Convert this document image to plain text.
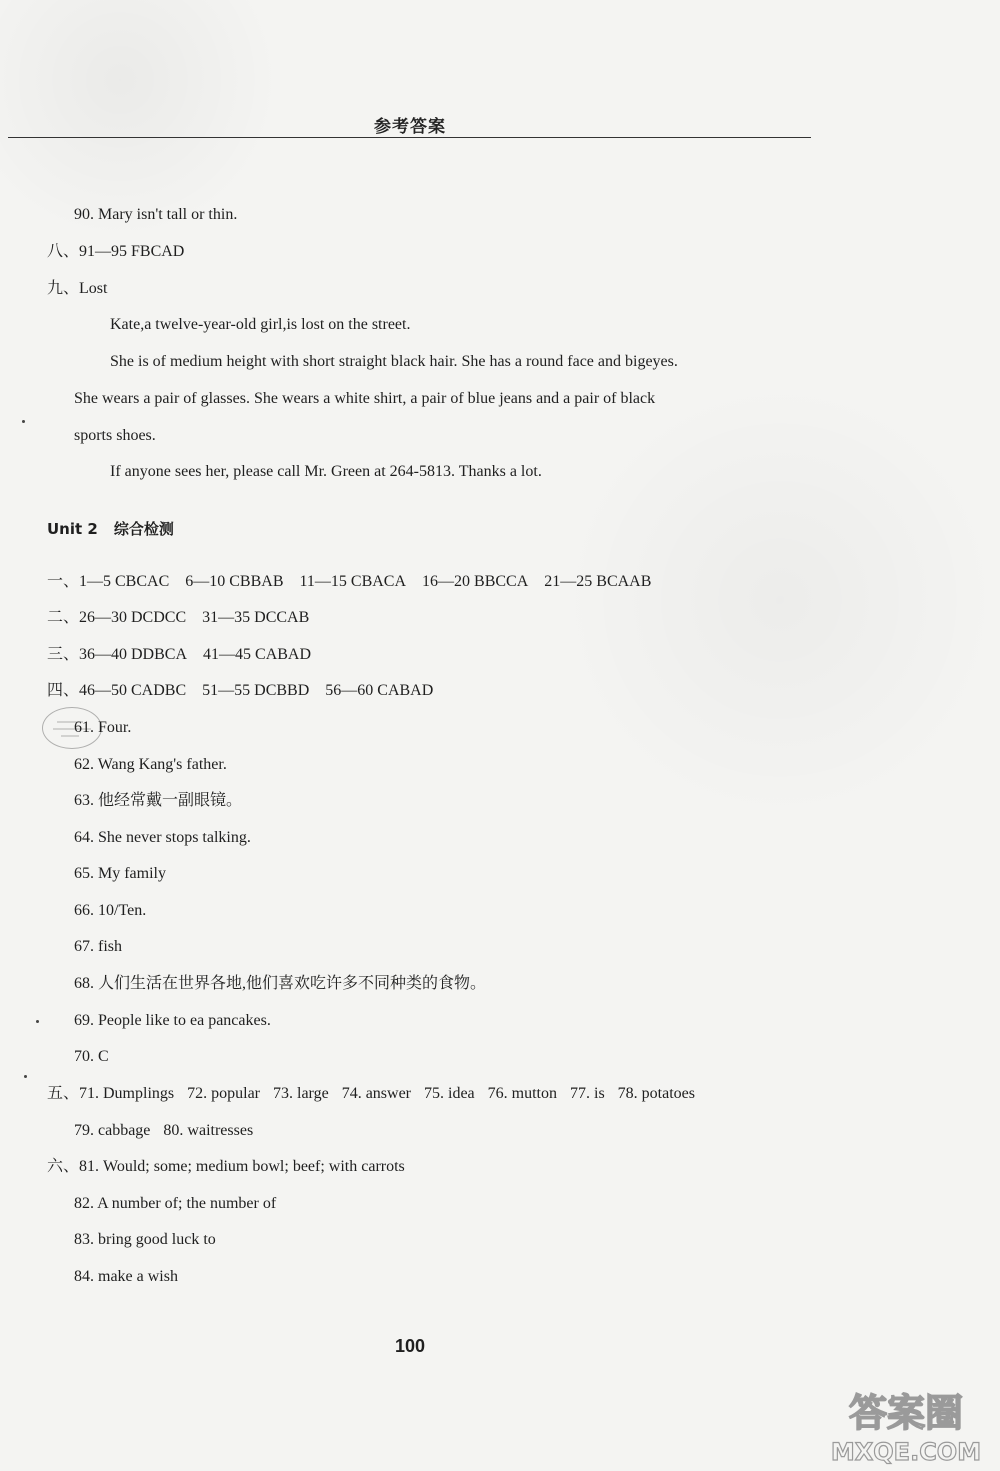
参考答案
90. Mary isn't tall or thin.
八、91—95 FBCAD
九、Lost
Kate,a twelve-year-old girl,is lost on the street.
She is of medium height with short straight black hair. She has a round face and bigeyes.
She wears a pair of glasses. She wears a white shirt, a pair of blue jeans and a pair of black
sports shoes.
If anyone sees her, please call Mr. Green at 264-5813. Thanks a lot.
Unit 2 综合检测
一、1—5 CBCAC 6—10 CBBAB 11—15 CBACA 16—20 BBCCA 21—25 BCAAB
二、26—30 DCDCC 31—35 DCCAB
三、36—40 DDBCA 41—45 CABAD
四、46—50 CADBC 51—55 DCBBD 56—60 CABAD
61. Four.
62. Wang Kang's father.
63. 他经常戴一副眼镜。
64. She never stops talking.
65. My family
66. 10/Ten.
67. fish
68. 人们生活在世界各地,他们喜欢吃许多不同种类的食物。
69. People like to ea pancakes.
70. C
五、71. Dumplings 72. popular 73. large 74. answer 75. idea 76. mutton 77. is 78. potatoes
79. cabbage 80. waitresses
六、81. Would; some; medium bowl; beef; with carrots
82. A number of; the number of
83. bring good luck to
84. make a wish
100
答案圈
MXQE.COM
